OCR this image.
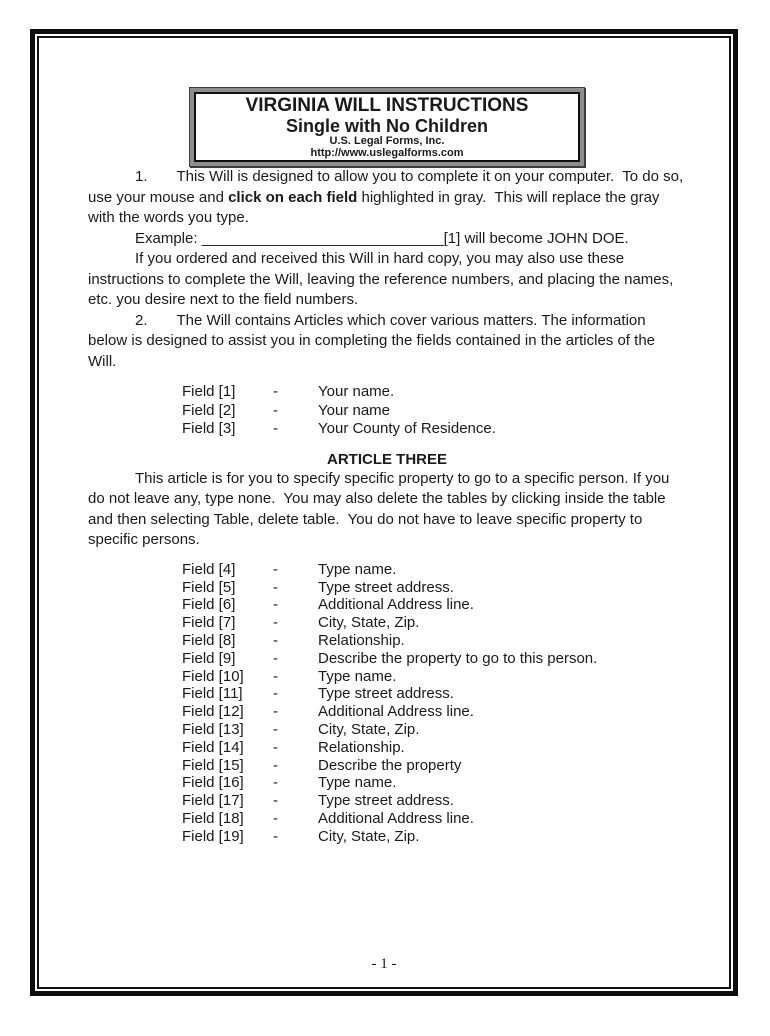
VIRGINIA WILL INSTRUCTIONS
Single with No Children
U.S. Legal Forms, Inc.
http://www.uslegalforms.com

1. This Will is designed to allow you to complete it on your computer.  To do so, use your mouse and click on each field highlighted in gray.  This will replace the gray with the words you type.

Example: _____________________________[1] will become JOHN DOE.

If you ordered and received this Will in hard copy, you may also use these instructions to complete the Will, leaving the reference numbers, and placing the names, etc. you desire next to the field numbers.

2. The Will contains Articles which cover various matters. The information below is designed to assist you in completing the fields contained in the articles of the Will.

Field [1]	-	Your name.
Field [2]	-	Your name
Field [3]	-	Your County of Residence.
ARTICLE THREE

This article is for you to specify specific property to go to a specific person. If you do not leave any, type none.  You may also delete the tables by clicking inside the table and then selecting Table, delete table.  You do not have to leave specific property to specific persons.

Field [4]	-	Type name.
Field [5]	-	Type street address.
Field [6]	-	Additional Address line.
Field [7]	-	City, State, Zip.
Field [8]	-	Relationship.
Field [9]	-	Describe the property to go to this person.
Field [10]	-	Type name.
Field [11]	-	Type street address.
Field [12]	-	Additional Address line.
Field [13]	-	City, State, Zip.
Field [14]	-	Relationship.
Field [15]	-	Describe the property
Field [16]	-	Type name.
Field [17]	-	Type street address.
Field [18]	-	Additional Address line.
Field [19]	-	City, State, Zip.
- 1 -
